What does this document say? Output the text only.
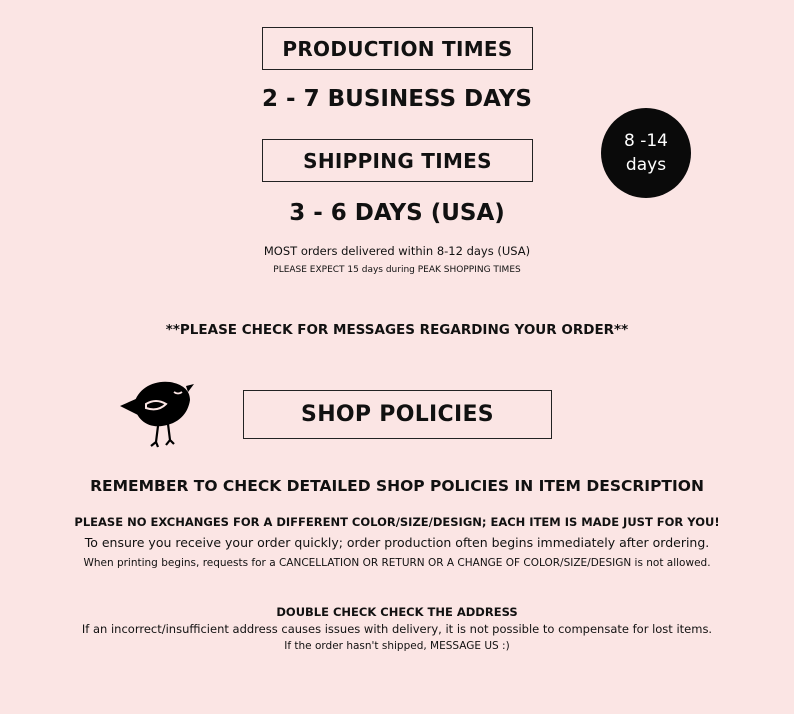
PRODUCTION TIMES
2 - 7 BUSINESS DAYS
SHIPPING TIMES
3 - 6 DAYS (USA)
MOST orders delivered within 8-12 days (USA)
PLEASE EXPECT 15 days during PEAK SHOPPING TIMES
8 -14
days
**PLEASE CHECK FOR MESSAGES REGARDING YOUR ORDER**
SHOP POLICIES
REMEMBER TO CHECK DETAILED SHOP POLICIES IN ITEM DESCRIPTION
PLEASE NO EXCHANGES FOR A DIFFERENT COLOR/SIZE/DESIGN; EACH ITEM IS MADE JUST FOR YOU!
To ensure you receive your order quickly; order production often begins immediately after ordering.
When printing begins, requests for a CANCELLATION OR RETURN OR A CHANGE OF COLOR/SIZE/DESIGN is not allowed.
DOUBLE CHECK CHECK THE ADDRESS
If an incorrect/insufficient address causes issues with delivery, it is not possible to compensate for lost items.
If the order hasn't shipped, MESSAGE US :)
